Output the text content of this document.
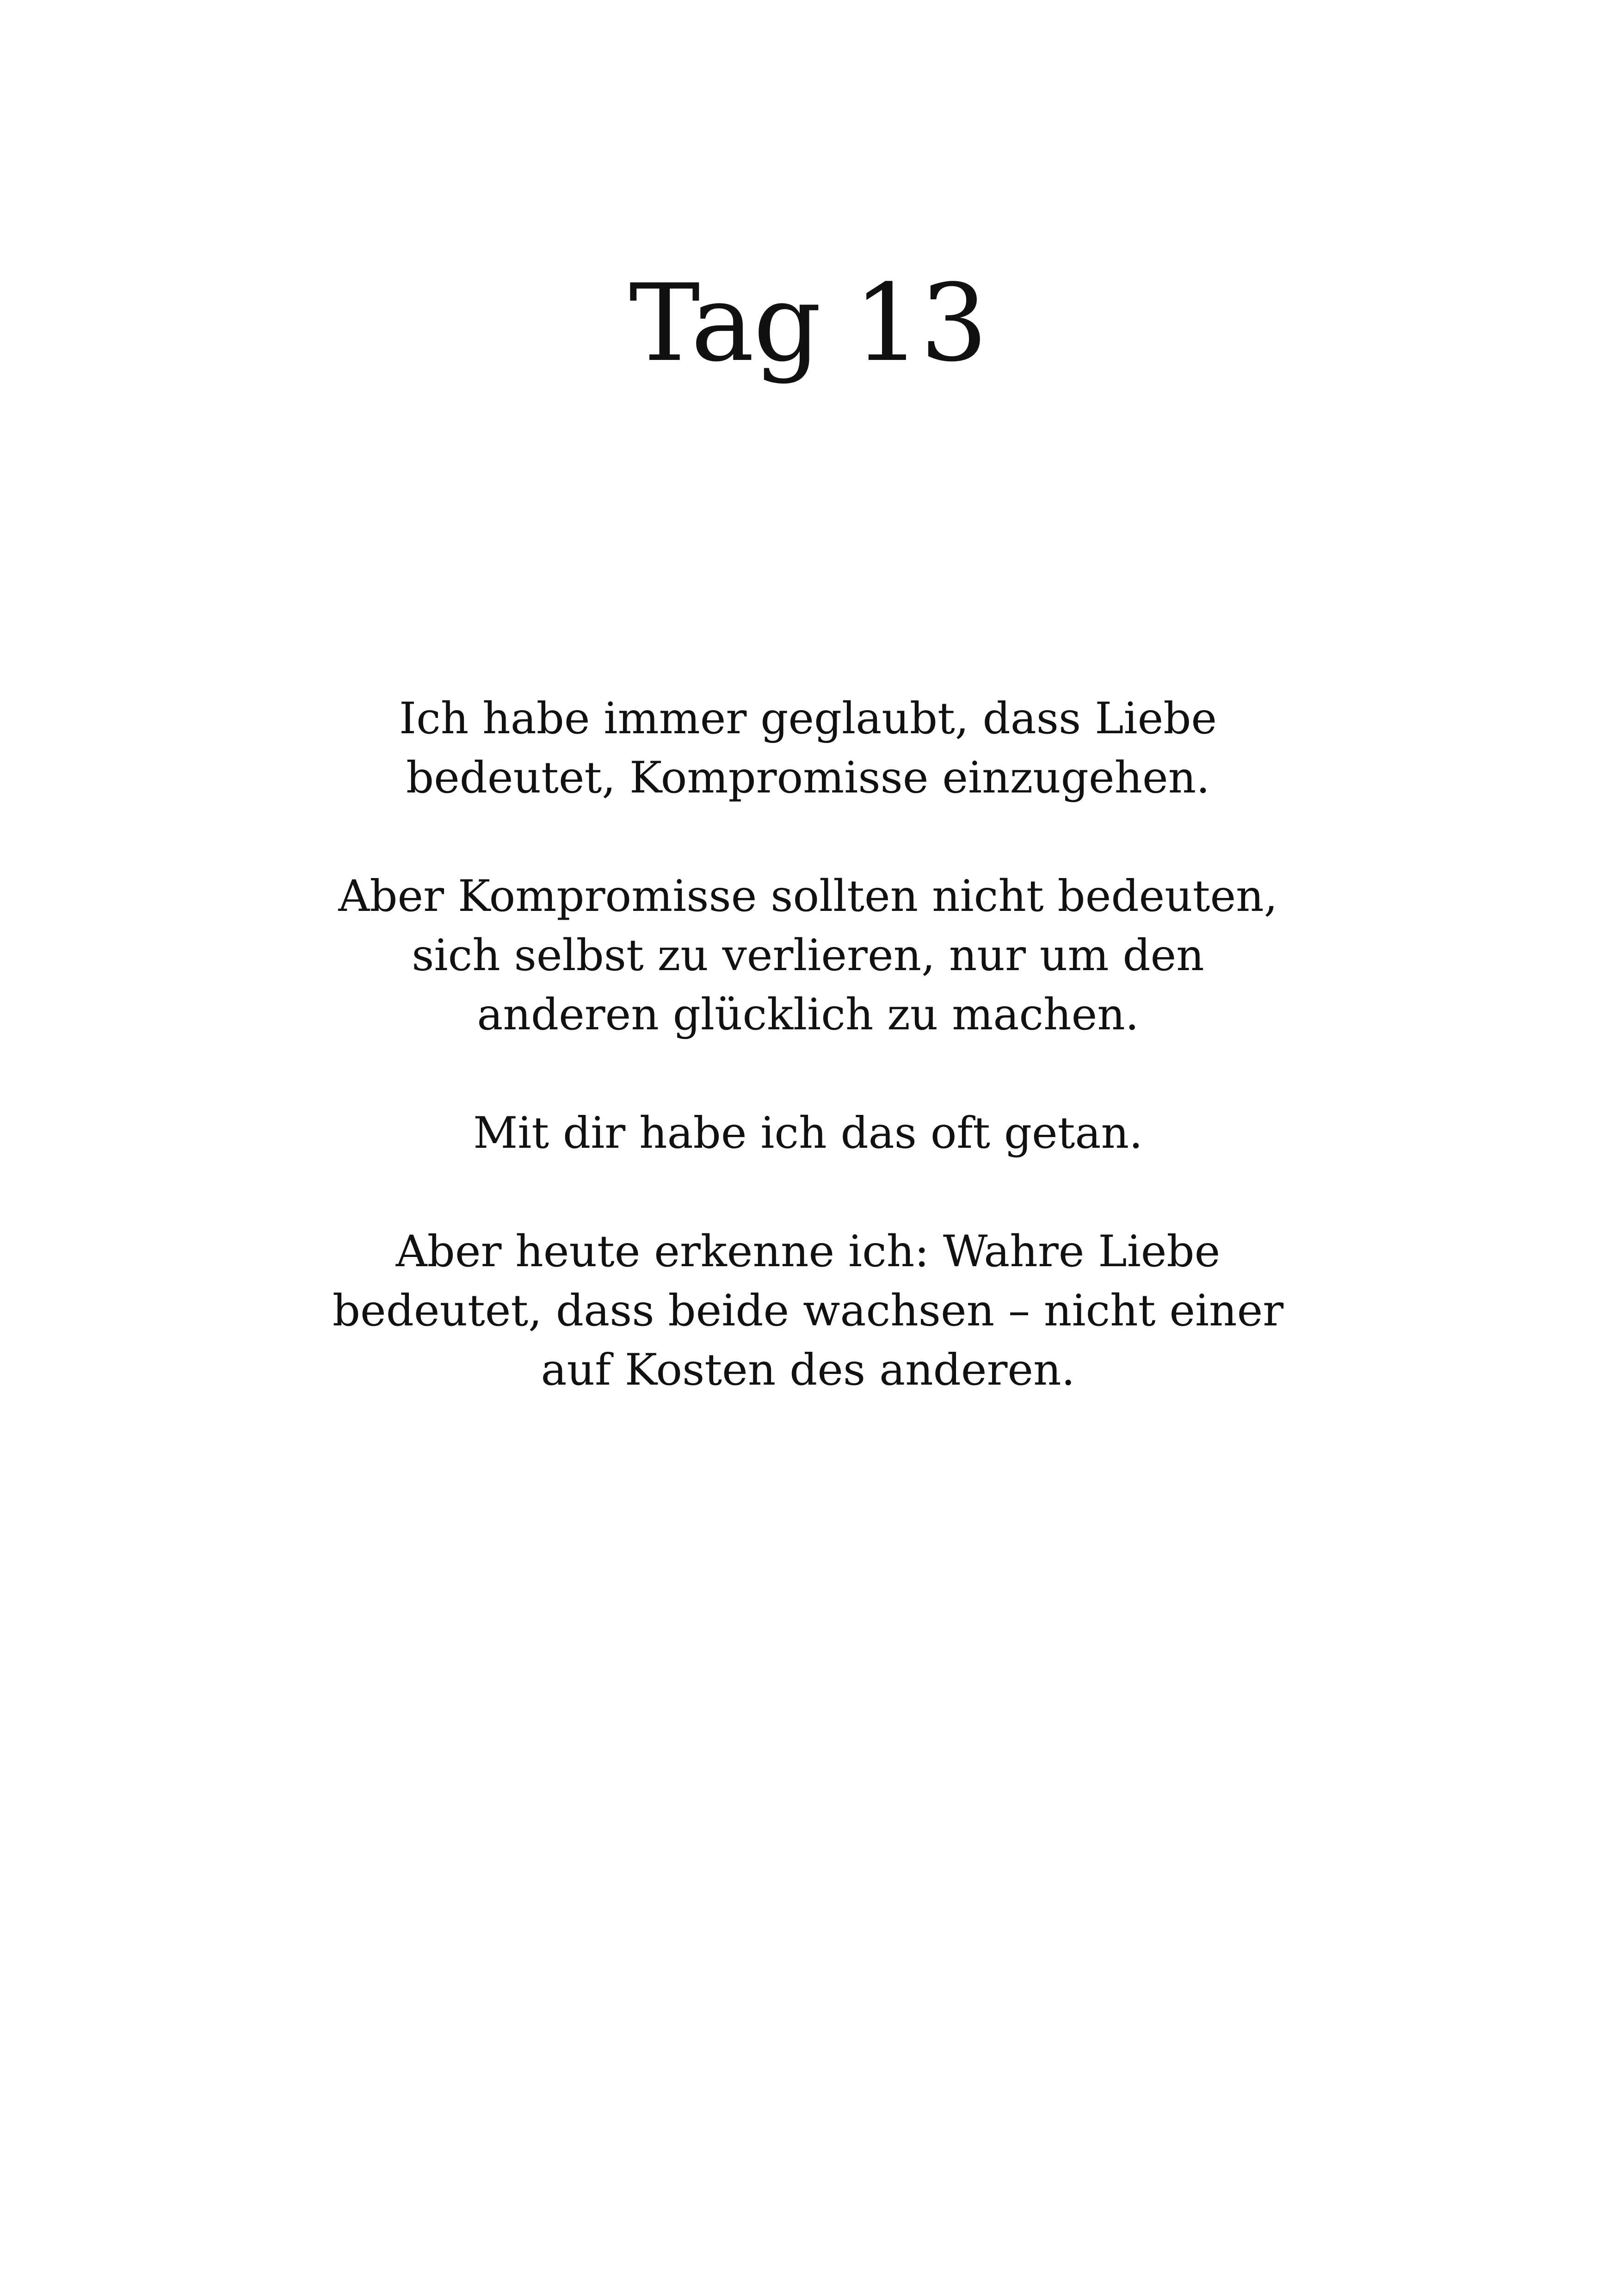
Tag 13

Ich habe immer geglaubt, dass Liebe bedeutet, Kompromisse einzugehen.

Aber Kompromisse sollten nicht bedeuten, sich selbst zu verlieren, nur um den anderen glücklich zu machen.

Mit dir habe ich das oft getan.

Aber heute erkenne ich: Wahre Liebe bedeutet, dass beide wachsen – nicht einer auf Kosten des anderen.
